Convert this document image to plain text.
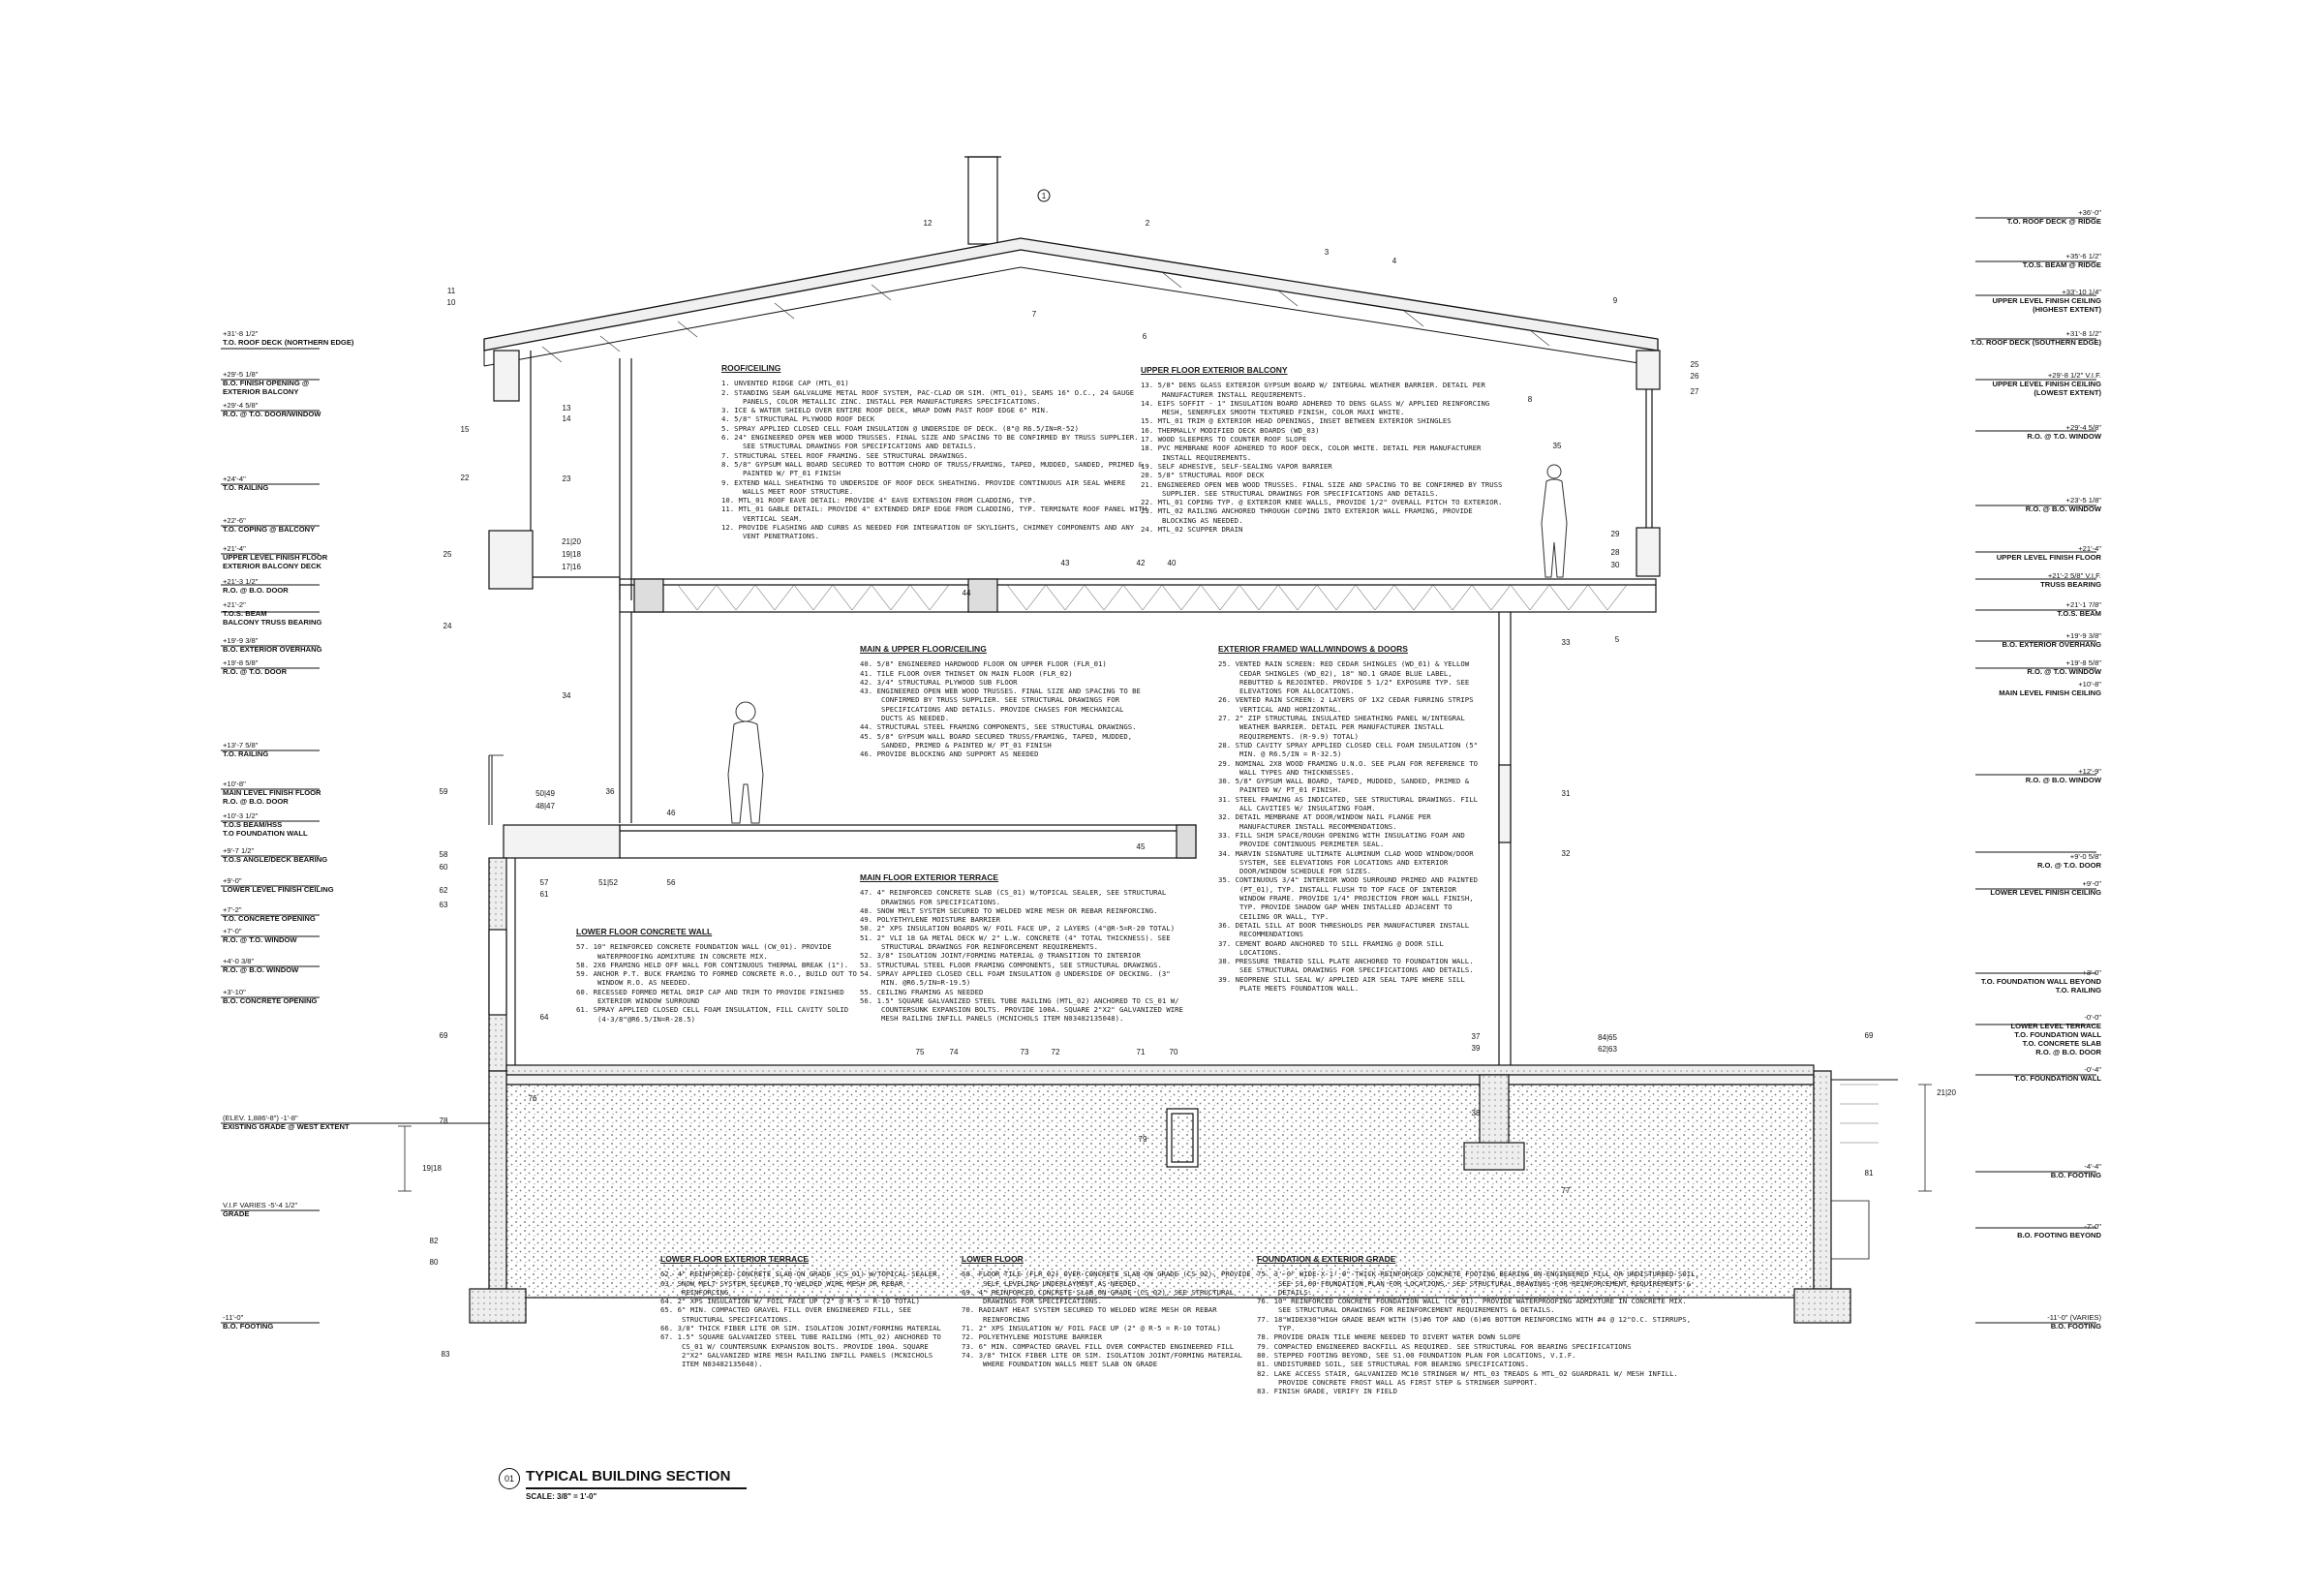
1
2
3
4
5
6
7
8
9
10
11
12
13
14
15
21|20
19|18
17|16
22	23
24
25
25
26
27
28
29
30
31
32
33
34
35
36
37
38
39
40
42
43
44
45
46
48|47
50|49
51|52	56
57
58
59
60
61
62
63
64
69	69
70
71
72
73
74
75
76
77
78
79
80
81
82
83
21|20
19|18
84|65
62|63
+31'-8 1/2"
T.O. ROOF DECK (NORTHERN EDGE)
+29'-5 1/8"
B.O. FINISH OPENING @
EXTERIOR BALCONY
+29'-4 5/8"
R.O. @ T.O. DOOR/WINDOW
+24'-4"
T.O. RAILING
+22'-6"
T.O. COPING @ BALCONY
+21'-4"
UPPER LEVEL FINISH FLOOR
EXTERIOR BALCONY DECK
+21'-3 1/2"
R.O. @ B.O. DOOR
+21'-2"
T.O.S. BEAM
BALCONY TRUSS BEARING
+19'-9 3/8"
B.O. EXTERIOR OVERHANG
+19'-8 5/8"
R.O. @ T.O. DOOR
+13'-7 5/8"
T.O. RAILING
+10'-8"
MAIN LEVEL FINISH FLOOR
R.O. @ B.O. DOOR
+10'-3 1/2"
T.O.S BEAM/HSS
T.O FOUNDATION WALL
+9'-7 1/2"
T.O.S ANGLE/DECK BEARING
+9'-0"
LOWER LEVEL FINISH CEILING
+7'-2"
T.O. CONCRETE OPENING
+7'-0"
R.O. @ T.O. WINDOW
+4'-0 3/8"
R.O. @ B.O. WINDOW
+3'-10"
B.O. CONCRETE OPENING
(ELEV. 1,886'-8") -1'-8"
EXISTING GRADE @ WEST EXTENT
V.I.F VARIES -5'-4 1/2"
GRADE
-11'-0"
B.O. FOOTING
+36'-0"
T.O. ROOF DECK @ RIDGE
+35'-6 1/2"
T.O.S. BEAM @ RIDGE
+33'-10 1/4"
UPPER LEVEL FINISH CEILING
(HIGHEST EXTENT)
+31'-8 1/2"
T.O. ROOF DECK (SOUTHERN EDGE)
+29'-8 1/2" V.I.F.
UPPER LEVEL FINISH CEILING
(LOWEST EXTENT)
+29'-4 5/8"
R.O. @ T.O. WINDOW
+23'-5 1/8"
R.O. @ B.O. WINDOW
+21'-4"
UPPER LEVEL FINISH FLOOR
+21'-2 5/8" V.I.F.
TRUSS BEARING
+21'-1 7/8"
T.O.S. BEAM
+19'-9 3/8"
B.O. EXTERIOR OVERHANG
+19'-8 5/8"
R.O. @ T.O. WINDOW
+10'-8"
MAIN LEVEL FINISH CEILING
+12'-9"
R.O. @ B.O. WINDOW
+9'-0 5/8"
R.O. @ T.O. DOOR
+9'-0"
LOWER LEVEL FINISH CEILING
+3'-0"
T.O. FOUNDATION WALL BEYOND
T.O. RAILING
-0'-0"
LOWER LEVEL TERRACE
T.O. FOUNDATION WALL
T.O. CONCRETE SLAB
R.O. @ B.O. DOOR
-0'-4"
T.O. FOUNDATION WALL
-4'-4"
B.O. FOOTING
-7'-0"
B.O. FOOTING BEYOND
-11'-0" (VARIES)
B.O. FOOTING
ROOF/CEILING
1. UNVENTED RIDGE CAP (MTL_01)
2. STANDING SEAM GALVALUME METAL ROOF SYSTEM, PAC-CLAD OR SIM. (MTL_01), SEAMS 16" O.C., 24 GAUGE PANELS, COLOR METALLIC ZINC. INSTALL PER MANUFACTURERS SPECIFICATIONS.
3. ICE & WATER SHIELD OVER ENTIRE ROOF DECK, WRAP DOWN PAST ROOF EDGE 6" MIN.
4. 5/8" STRUCTURAL PLYWOOD ROOF DECK
5. SPRAY APPLIED CLOSED CELL FOAM INSULATION @ UNDERSIDE OF DECK. (8"@ R6.5/IN=R-52)
6. 24" ENGINEERED OPEN WEB WOOD TRUSSES. FINAL SIZE AND SPACING TO BE CONFIRMED BY TRUSS SUPPLIER. SEE STRUCTURAL DRAWINGS FOR SPECIFICATIONS AND DETAILS.
7. STRUCTURAL STEEL ROOF FRAMING. SEE STRUCTURAL DRAWINGS.
8. 5/8" GYPSUM WALL BOARD SECURED TO BOTTOM CHORD OF TRUSS/FRAMING, TAPED, MUDDED, SANDED, PRIMED & PAINTED W/ PT_01 FINISH
9. EXTEND WALL SHEATHING TO UNDERSIDE OF ROOF DECK SHEATHING. PROVIDE CONTINUOUS AIR SEAL WHERE WALLS MEET ROOF STRUCTURE.
10. MTL_01 ROOF EAVE DETAIL: PROVIDE 4" EAVE EXTENSION FROM CLADDING, TYP.
11. MTL_01 GABLE DETAIL: PROVIDE 4" EXTENDED DRIP EDGE FROM CLADDING, TYP. TERMINATE ROOF PANEL WITH VERTICAL SEAM.
12. PROVIDE FLASHING AND CURBS AS NEEDED FOR INTEGRATION OF SKYLIGHTS, CHIMNEY COMPONENTS AND ANY VENT PENETRATIONS.
UPPER FLOOR EXTERIOR BALCONY
13. 5/8" DENS GLASS EXTERIOR GYPSUM BOARD W/ INTEGRAL WEATHER BARRIER. DETAIL PER MANUFACTURER INSTALL REQUIREMENTS.
14. EIFS SOFFIT - 1" INSULATION BOARD ADHERED TO DENS GLASS W/ APPLIED REINFORCING MESH, SENERFLEX SMOOTH TEXTURED FINISH, COLOR MAXI WHITE.
15. MTL_01 TRIM @ EXTERIOR HEAD OPENINGS, INSET BETWEEN EXTERIOR SHINGLES
16. THERMALLY MODIFIED DECK BOARDS (WD_03)
17. WOOD SLEEPERS TO COUNTER ROOF SLOPE
18. PVC MEMBRANE ROOF ADHERED TO ROOF DECK, COLOR WHITE. DETAIL PER MANUFACTURER INSTALL REQUIREMENTS.
19. SELF ADHESIVE, SELF-SEALING VAPOR BARRIER
20. 5/8" STRUCTURAL ROOF DECK
21. ENGINEERED OPEN WEB WOOD TRUSSES. FINAL SIZE AND SPACING TO BE CONFIRMED BY TRUSS SUPPLIER. SEE STRUCTURAL DRAWINGS FOR SPECIFICATIONS AND DETAILS.
22. MTL_01 COPING TYP. @ EXTERIOR KNEE WALLS, PROVIDE 1/2" OVERALL PITCH TO EXTERIOR.
23. MTL_02 RAILING ANCHORED THROUGH COPING INTO EXTERIOR WALL FRAMING, PROVIDE BLOCKING AS NEEDED.
24. MTL_02 SCUPPER DRAIN
MAIN & UPPER FLOOR/CEILING
40. 5/8" ENGINEERED HARDWOOD FLOOR ON UPPER FLOOR (FLR_01)
41. TILE FLOOR OVER THINSET ON MAIN FLOOR (FLR_02)
42. 3/4" STRUCTURAL PLYWOOD SUB FLOOR
43. ENGINEERED OPEN WEB WOOD TRUSSES. FINAL SIZE AND SPACING TO BE CONFIRMED BY TRUSS SUPPLIER. SEE STRUCTURAL DRAWINGS FOR SPECIFICATIONS AND DETAILS. PROVIDE CHASES FOR MECHANICAL DUCTS AS NEEDED.
44. STRUCTURAL STEEL FRAMING COMPONENTS, SEE STRUCTURAL DRAWINGS.
45. 5/8" GYPSUM WALL BOARD SECURED TRUSS/FRAMING, TAPED, MUDDED, SANDED, PRIMED & PAINTED W/ PT_01 FINISH
46. PROVIDE BLOCKING AND SUPPORT AS NEEDED
EXTERIOR FRAMED WALL/WINDOWS & DOORS
25. VENTED RAIN SCREEN: RED CEDAR SHINGLES (WD_01) & YELLOW CEDAR SHINGLES (WD_02), 18" NO.1 GRADE BLUE LABEL, REBUTTED & REJOINTED. PROVIDE 5 1/2" EXPOSURE TYP. SEE ELEVATIONS FOR ALLOCATIONS.
26. VENTED RAIN SCREEN: 2 LAYERS OF 1X2 CEDAR FURRING STRIPS VERTICAL AND HORIZONTAL.
27. 2" ZIP STRUCTURAL INSULATED SHEATHING PANEL W/INTEGRAL WEATHER BARRIER. DETAIL PER MANUFACTURER INSTALL REQUIREMENTS. (R-9.9) TOTAL)
28. STUD CAVITY SPRAY APPLIED CLOSED CELL FOAM INSULATION (5" MIN. @ R6.5/IN = R-32.5)
29. NOMINAL 2X8 WOOD FRAMING U.N.O. SEE PLAN FOR REFERENCE TO WALL TYPES AND THICKNESSES.
30. 5/8" GYPSUM WALL BOARD, TAPED, MUDDED, SANDED, PRIMED & PAINTED W/ PT_01 FINISH.
31. STEEL FRAMING AS INDICATED, SEE STRUCTURAL DRAWINGS. FILL ALL CAVITIES W/ INSULATING FOAM.
32. DETAIL MEMBRANE AT DOOR/WINDOW NAIL FLANGE PER MANUFACTURER INSTALL RECOMMENDATIONS.
33. FILL SHIM SPACE/ROUGH OPENING WITH INSULATING FOAM AND PROVIDE CONTINUOUS PERIMETER SEAL.
34. MARVIN SIGNATURE ULTIMATE ALUMINUM CLAD WOOD WINDOW/DOOR SYSTEM, SEE ELEVATIONS FOR LOCATIONS AND EXTERIOR DOOR/WINDOW SCHEDULE FOR SIZES.
35. CONTINUOUS 3/4" INTERIOR WOOD SURROUND PRIMED AND PAINTED (PT_01), TYP. INSTALL FLUSH TO TOP FACE OF INTERIOR WINDOW FRAME. PROVIDE 1/4" PROJECTION FROM WALL FINISH, TYP. PROVIDE SHADOW GAP WHEN INSTALLED ADJACENT TO CEILING OR WALL, TYP.
36. DETAIL SILL AT DOOR THRESHOLDS PER MANUFACTURER INSTALL RECOMMENDATIONS
37. CEMENT BOARD ANCHORED TO SILL FRAMING @ DOOR SILL LOCATIONS.
38. PRESSURE TREATED SILL PLATE ANCHORED TO FOUNDATION WALL. SEE STRUCTURAL DRAWINGS FOR SPECIFICATIONS AND DETAILS.
39. NEOPRENE SILL SEAL W/ APPLIED AIR SEAL TAPE WHERE SILL PLATE MEETS FOUNDATION WALL.
MAIN FLOOR EXTERIOR TERRACE
47. 4" REINFORCED CONCRETE SLAB (CS_01) W/TOPICAL SEALER, SEE STRUCTURAL DRAWINGS FOR SPECIFICATIONS.
48. SNOW MELT SYSTEM SECURED TO WELDED WIRE MESH OR REBAR REINFORCING.
49. POLYETHYLENE MOISTURE BARRIER
50. 2" XPS INSULATION BOARDS W/ FOIL FACE UP, 2 LAYERS (4"@R-5=R-20 TOTAL)
51. 2" VLI 18 GA METAL DECK W/ 2" L.W. CONCRETE (4" TOTAL THICKNESS). SEE STRUCTURAL DRAWINGS FOR REINFORCEMENT REQUIREMENTS.
52. 3/8" ISOLATION JOINT/FORMING MATERIAL @ TRANSITION TO INTERIOR
53. STRUCTURAL STEEL FLOOR FRAMING COMPONENTS, SEE STRUCTURAL DRAWINGS.
54. SPRAY APPLIED CLOSED CELL FOAM INSULATION @ UNDERSIDE OF DECKING. (3" MIN. @R6.5/IN=R-19.5)
55. CEILING FRAMING AS NEEDED
56. 1.5" SQUARE GALVANIZED STEEL TUBE RAILING (MTL_02) ANCHORED TO CS_01 W/ COUNTERSUNK EXPANSION BOLTS. PROVIDE 100A. SQUARE 2"X2" GALVANIZED WIRE MESH RAILING INFILL PANELS (MCNICHOLS ITEM N03482135048).
LOWER FLOOR CONCRETE WALL
57. 10" REINFORCED CONCRETE FOUNDATION WALL (CW_01). PROVIDE WATERPROOFING ADMIXTURE IN CONCRETE MIX.
58. 2X6 FRAMING HELD OFF WALL FOR CONTINUOUS THERMAL BREAK (1").
59. ANCHOR P.T. BUCK FRAMING TO FORMED CONCRETE R.O., BUILD OUT TO WINDOW R.O. AS NEEDED.
60. RECESSED FORMED METAL DRIP CAP AND TRIM TO PROVIDE FINISHED EXTERIOR WINDOW SURROUND
61. SPRAY APPLIED CLOSED CELL FOAM INSULATION, FILL CAVITY SOLID (4-3/8"@R6.5/IN=R-28.5)
LOWER FLOOR EXTERIOR TERRACE
62. 4" REINFORCED CONCRETE SLAB ON GRADE (CS_01) W/TOPICAL SEALER.
63. SNOW MELT SYSTEM SECURED TO WELDED WIRE MESH OR REBAR REINFORCING
64. 2" XPS INSULATION W/ FOIL FACE UP (2" @ R-5 = R-10 TOTAL)
65. 6" MIN. COMPACTED GRAVEL FILL OVER ENGINEERED FILL, SEE STRUCTURAL SPECIFICATIONS.
66. 3/8" THICK FIBER LITE OR SIM. ISOLATION JOINT/FORMING MATERIAL
67. 1.5" SQUARE GALVANIZED STEEL TUBE RAILING (MTL_02) ANCHORED TO CS_01 W/ COUNTERSUNK EXPANSION BOLTS. PROVIDE 100A. SQUARE 2"X2" GALVANIZED WIRE MESH RAILING INFILL PANELS (MCNICHOLS ITEM N03482135048).
LOWER FLOOR
68. FLOOR TILE (FLR_02) OVER CONCRETE SLAB ON GRADE (CS_02), PROVIDE SELF LEVELING UNDERLAYMENT AS NEEDED.
69. 4" REINFORCED CONCRETE SLAB ON GRADE (CS_02), SEE STRUCTURAL DRAWINGS FOR SPECIFICATIONS.
70. RADIANT HEAT SYSTEM SECURED TO WELDED WIRE MESH OR REBAR REINFORCING
71. 2" XPS INSULATION W/ FOIL FACE UP (2" @ R-5 = R-10 TOTAL)
72. POLYETHYLENE MOISTURE BARRIER
73. 6" MIN. COMPACTED GRAVEL FILL OVER COMPACTED ENGINEERED FILL
74. 3/8" THICK FIBER LITE OR SIM. ISOLATION JOINT/FORMING MATERIAL WHERE FOUNDATION WALLS MEET SLAB ON GRADE
FOUNDATION & EXTERIOR GRADE
75. 3'-0" WIDE X 1'-0" THICK REINFORCED CONCRETE FOOTING BEARING ON ENGINEERED FILL OR UNDISTURBED SOIL, SEE S1.00 FOUNDATION PLAN FOR LOCATIONS. SEE STRUCTURAL DRAWINGS FOR REINFORCEMENT REQUIREMENTS & DETAILS.
76. 10" REINFORCED CONCRETE FOUNDATION WALL (CW_01). PROVIDE WATERPROOFING ADMIXTURE IN CONCRETE MIX. SEE STRUCTURAL DRAWINGS FOR REINFORCEMENT REQUIREMENTS & DETAILS.
77. 18"WIDEX30"HIGH GRADE BEAM WITH (5)#6 TOP AND (6)#6 BOTTOM REINFORCING WITH #4 @ 12"O.C. STIRRUPS, TYP.
78. PROVIDE DRAIN TILE WHERE NEEDED TO DIVERT WATER DOWN SLOPE
79. COMPACTED ENGINEERED BACKFILL AS REQUIRED. SEE STRUCTURAL FOR BEARING SPECIFICATIONS
80. STEPPED FOOTING BEYOND, SEE S1.00 FOUNDATION PLAN FOR LOCATIONS, V.I.F.
81. UNDISTURBED SOIL, SEE STRUCTURAL FOR BEARING SPECIFICATIONS.
82. LAKE ACCESS STAIR, GALVANIZED MC10 STRINGER W/ MTL_03 TREADS & MTL_02 GUARDRAIL W/ MESH INFILL. PROVIDE CONCRETE FROST WALL AS FIRST STEP & STRINGER SUPPORT.
83. FINISH GRADE, VERIFY IN FIELD
01 TYPICAL BUILDING SECTION
SCALE: 3/8" = 1'-0"
